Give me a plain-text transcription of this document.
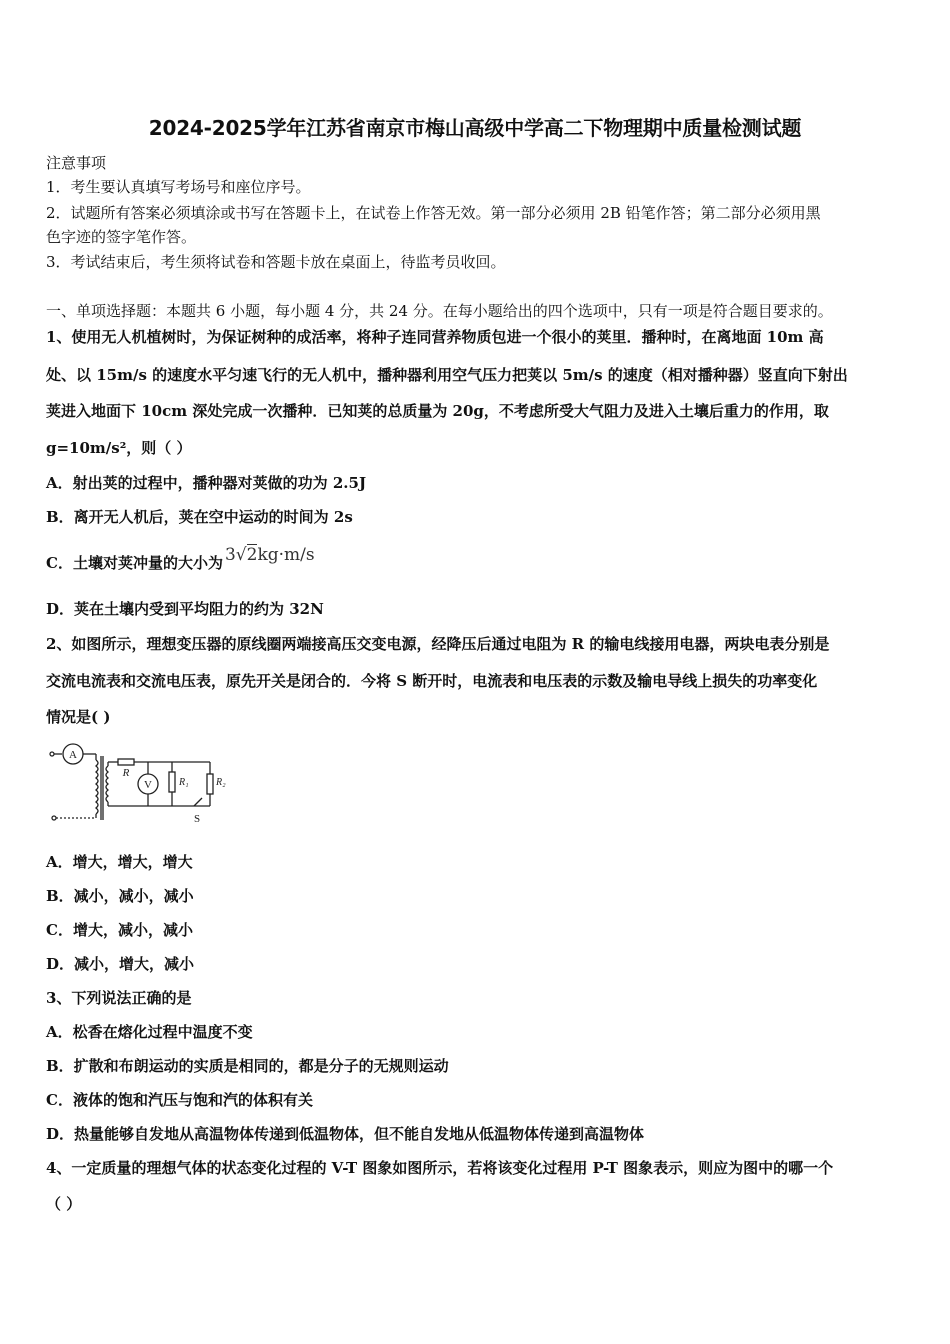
2024-2025学年江苏省南京市梅山高级中学高二下物理期中质量检测试题
注意事项
1．考生要认真填写考场号和座位序号。
2．试题所有答案必须填涂或书写在答题卡上，在试卷上作答无效。第一部分必须用 2B 铅笔作答；第二部分必须用黑
色字迹的签字笔作答。
3．考试结束后，考生须将试卷和答题卡放在桌面上，待监考员收回。
一、单项选择题：本题共 6 小题，每小题 4 分，共 24 分。在每小题给出的四个选项中，只有一项是符合题目要求的。
1、使用无人机植树时，为保证树种的成活率，将种子连同营养物质包进一个很小的荚里．播种时，在离地面 10m 高
处、以 15m/s 的速度水平匀速飞行的无人机中，播种器利用空气压力把荚以 5m/s 的速度（相对播种器）竖直向下射出
荚进入地面下 10cm 深处完成一次播种．已知荚的总质量为 20g，不考虑所受大气阻力及进入土壤后重力的作用，取
g=10m/s²，则（ ）
A．射出荚的过程中，播种器对荚做的功为 2.5J
B．离开无人机后，荚在空中运动的时间为 2s
C．土壤对荚冲量的大小为 3√2kg·m/s
D．荚在土壤内受到平均阻力的约为 32N
2、如图所示，理想变压器的原线圈两端接高压交变电源，经降压后通过电阻为 R 的输电线接用电器，两块电表分别是
交流电流表和交流电压表，原先开关是闭合的．今将 S 断开时，电流表和电压表的示数及输电导线上损失的功率变化
情况是( )
A
V
R
R₁	R₂
S
A．增大，增大，增大
B．减小，减小，减小
C．增大，减小，减小
D．减小，增大，减小
3、下列说法正确的是
A．松香在熔化过程中温度不变
B．扩散和布朗运动的实质是相同的，都是分子的无规则运动
C．液体的饱和汽压与饱和汽的体积有关
D．热量能够自发地从高温物体传递到低温物体，但不能自发地从低温物体传递到高温物体
4、一定质量的理想气体的状态变化过程的 V-T 图象如图所示，若将该变化过程用 P-T 图象表示，则应为图中的哪一个
（ ）
